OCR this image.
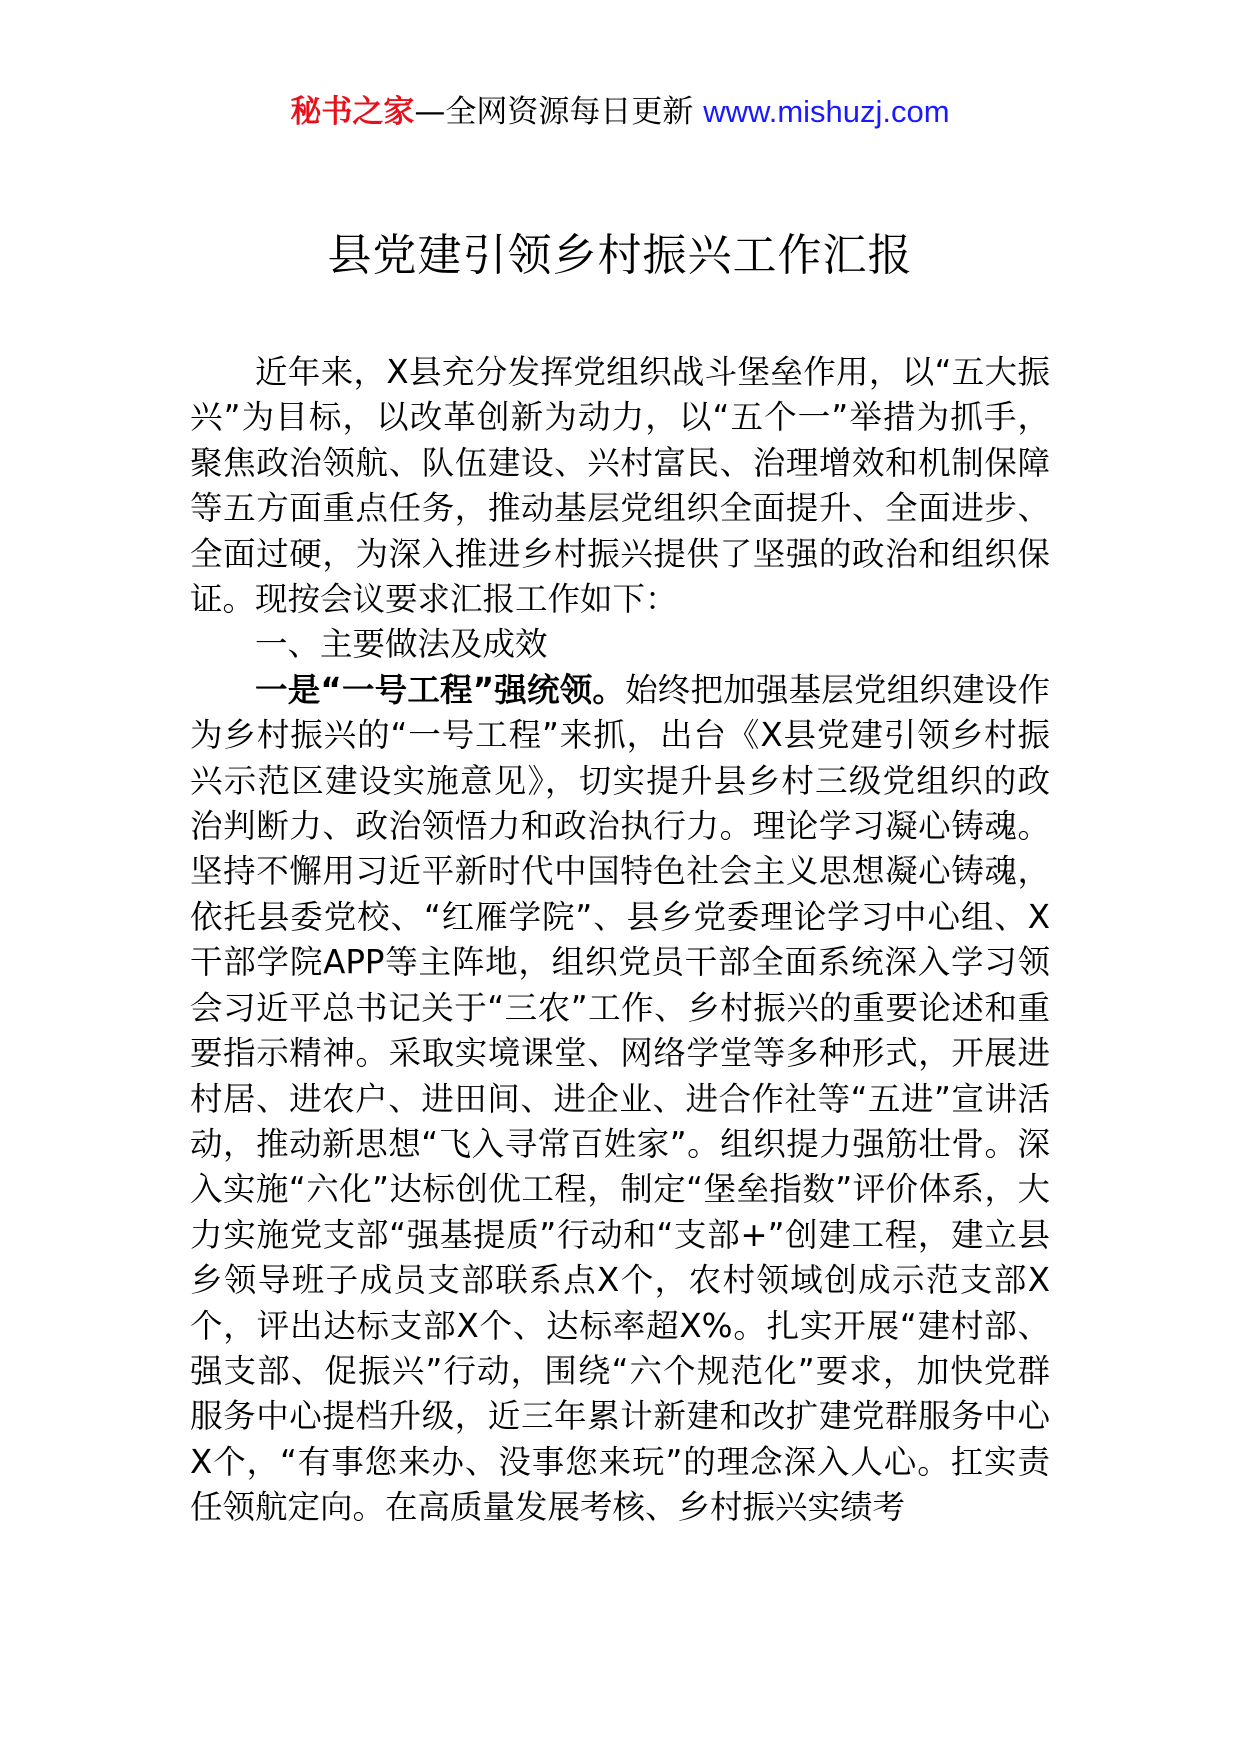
秘书之家—全网资源每日更新 www.mishuzj.com
县党建引领乡村振兴工作汇报

近年来，X县充分发挥党组织战斗堡垒作用，以“五大振兴”为目标，以改革创新为动力，以“五个一”举措为抓手，聚焦政治领航、队伍建设、兴村富民、治理增效和机制保障等五方面重点任务，推动基层党组织全面提升、全面进步、全面过硬，为深入推进乡村振兴提供了坚强的政治和组织保证。现按会议要求汇报工作如下：

一、主要做法及成效

一是“一号工程”强统领。始终把加强基层党组织建设作为乡村振兴的“一号工程”来抓，出台《X县党建引领乡村振兴示范区建设实施意见》，切实提升县乡村三级党组织的政治判断力、政治领悟力和政治执行力。理论学习凝心铸魂。坚持不懈用习近平新时代中国特色社会主义思想凝心铸魂，依托县委党校、“红雁学院”、县乡党委理论学习中心组、X干部学院APP等主阵地，组织党员干部全面系统深入学习领会习近平总书记关于“三农”工作、乡村振兴的重要论述和重要指示精神。采取实境课堂、网络学堂等多种形式，开展进村居、进农户、进田间、进企业、进合作社等“五进”宣讲活动，推动新思想“飞入寻常百姓家”。组织提力强筋壮骨。深入实施“六化”达标创优工程，制定“堡垒指数”评价体系，大力实施党支部“强基提质”行动和“支部+”创建工程，建立县乡领导班子成员支部联系点X个，农村领域创成示范支部X个，评出达标支部X个、达标率超X%。扎实开展“建村部、强支部、促振兴”行动，围绕“六个规范化”要求，加快党群服务中心提档升级，近三年累计新建和改扩建党群服务中心X个，“有事您来办、没事您来玩”的理念深入人心。扛实责任领航定向。在高质量发展考核、乡村振兴实绩考
